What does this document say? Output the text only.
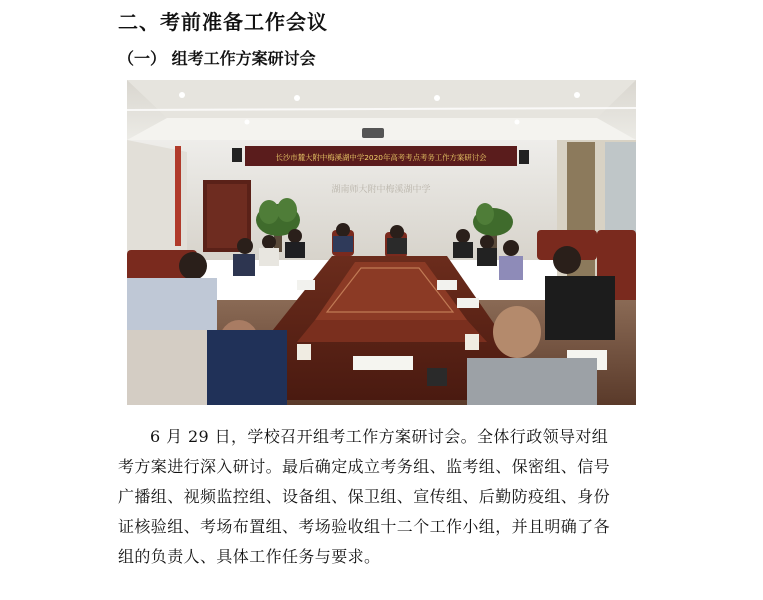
二、考前准备工作会议
（一） 组考工作方案研讨会
长沙市麓大附中梅溪湖中学2020年高考考点考务工作方案研讨会
湖南师大附中梅溪湖中学
6 月 29 日，学校召开组考工作方案研讨会。全体行政领导对组
考方案进行深入研讨。最后确定成立考务组、监考组、保密组、信号
广播组、视频监控组、设备组、保卫组、宣传组、后勤防疫组、身份
证核验组、考场布置组、考场验收组十二个工作小组，并且明确了各
组的负责人、具体工作任务与要求。
